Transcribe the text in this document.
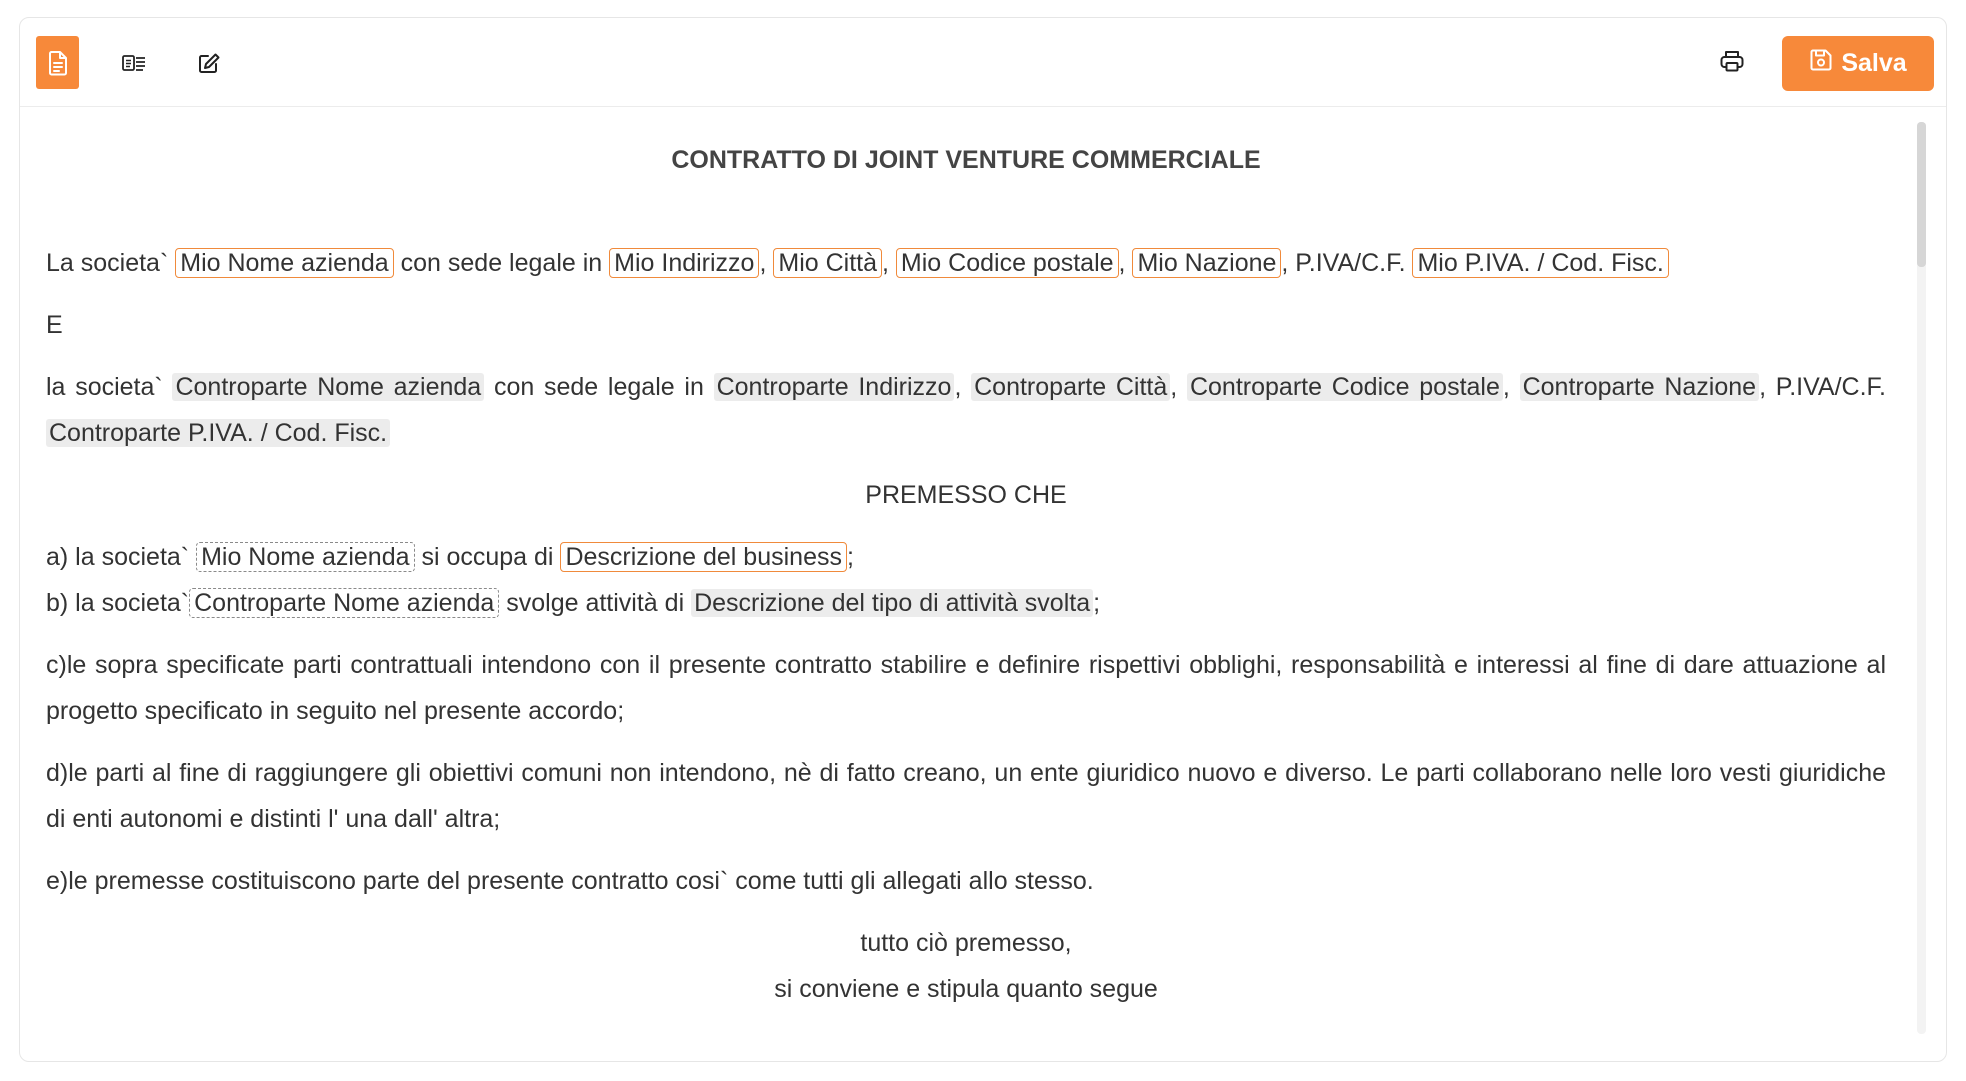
Salva

CONTRATTO DI JOINT VENTURE COMMERCIALE

La societa` Mio Nome azienda con sede legale in Mio Indirizzo , Mio Città , Mio Codice postale , Mio Nazione , P.IVA/C.F. Mio P.IVA. / Cod. Fisc.

E

la societa` Controparte Nome azienda con sede legale in Controparte Indirizzo , Controparte Città , Controparte Codice postale , Controparte Nazione , P.IVA/C.F. Controparte P.IVA. / Cod. Fisc.

PREMESSO CHE

a) la societa` Mio Nome azienda si occupa di Descrizione del business ;

b) la societa` Controparte Nome azienda svolge attività di Descrizione del tipo di attività svolta ;

c)le sopra specificate parti contrattuali intendono con il presente contratto stabilire e definire rispettivi obblighi, responsabilità e interessi al fine di dare attuazione al progetto specificato in seguito nel presente accordo;

d)le parti al fine di raggiungere gli obiettivi comuni non intendono, nè di fatto creano, un ente giuridico nuovo e diverso. Le parti collaborano nelle loro vesti giuridiche di enti autonomi e distinti l' una dall' altra;

e)le premesse costituiscono parte del presente contratto cosi` come tutti gli allegati allo stesso.

tutto ciò premesso,

si conviene e stipula quanto segue
